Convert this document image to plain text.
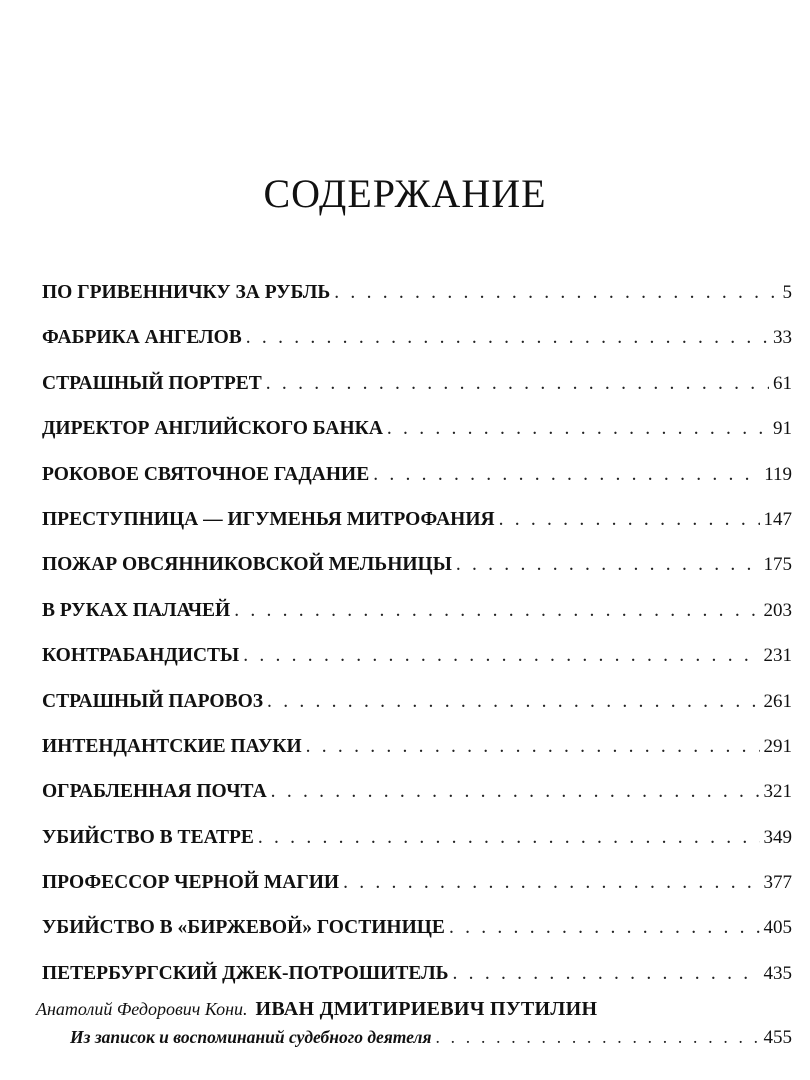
СОДЕРЖАНИЕ
ПО ГРИВЕННИЧКУ ЗА РУБЛЬ . . .	5
ФАБРИКА АНГЕЛОВ . . .	33
СТРАШНЫЙ ПОРТРЕТ . . .	61
ДИРЕКТОР АНГЛИЙСКОГО БАНКА . . .	91
РОКОВОЕ СВЯТОЧНОЕ ГАДАНИЕ . . .	119
ПРЕСТУПНИЦА — ИГУМЕНЬЯ МИТРОФАНИЯ . . .	147
ПОЖАР ОВСЯННИКОВСКОЙ МЕЛЬНИЦЫ . . .	175
В РУКАХ ПАЛАЧЕЙ . . .	203
КОНТРАБАНДИСТЫ . . .	231
СТРАШНЫЙ ПАРОВОЗ . . .	261
ИНТЕНДАНТСКИЕ ПАУКИ . . .	291
ОГРАБЛЕННАЯ ПОЧТА . . .	321
УБИЙСТВО В ТЕАТРЕ . . .	349
ПРОФЕССОР ЧЕРНОЙ МАГИИ . . .	377
УБИЙСТВО В «БИРЖЕВОЙ» ГОСТИНИЦЕ . . .	405
ПЕТЕРБУРГСКИЙ ДЖЕК-ПОТРОШИТЕЛЬ . . .	435
Анатолий Федорович Кони. ИВАН ДМИТИРИЕВИЧ ПУТИЛИН
Из записок и воспоминаний судебного деятеля . . .	455
